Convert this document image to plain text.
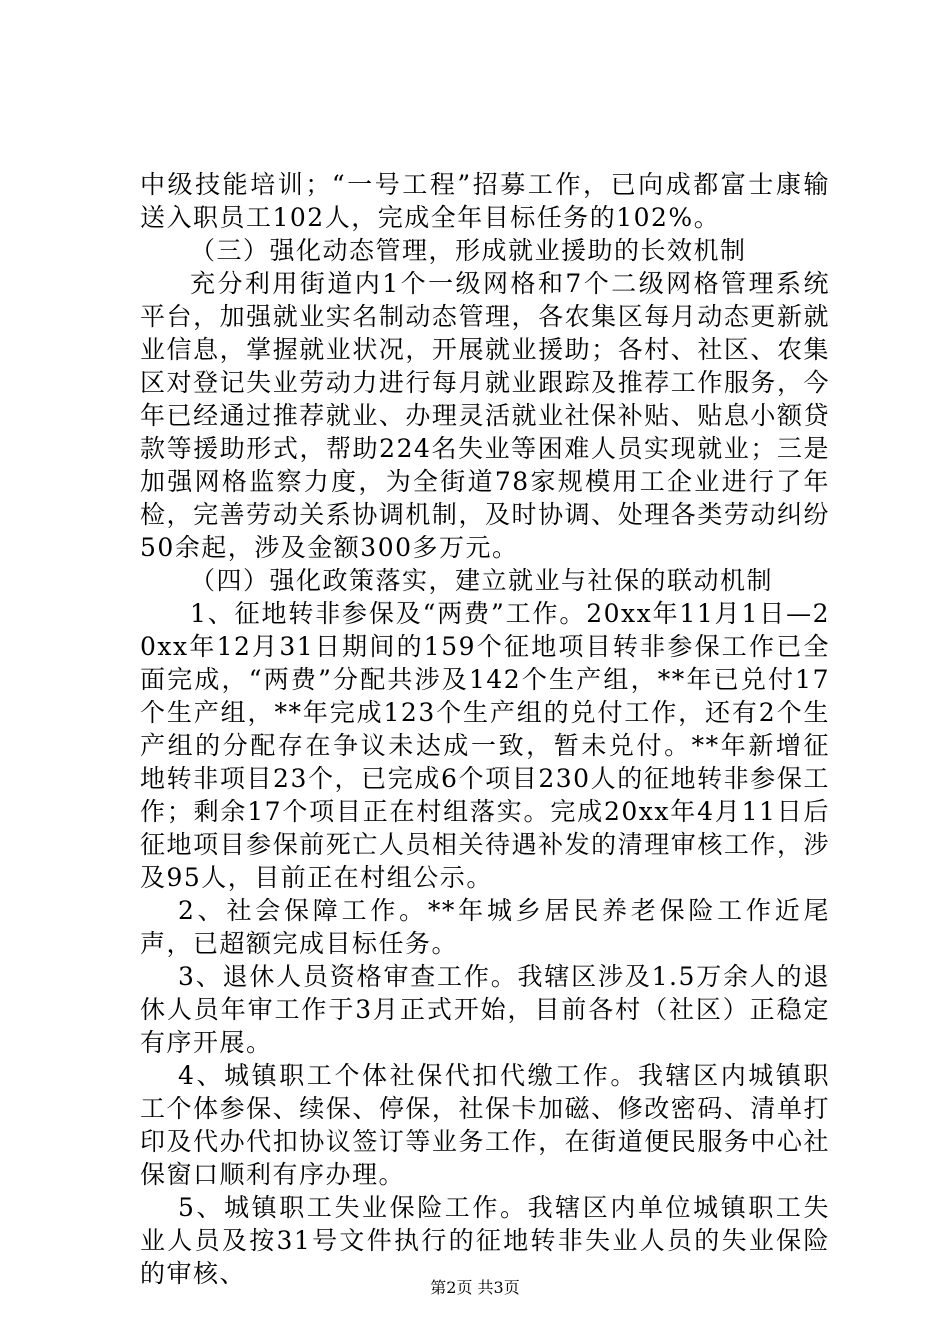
中级技能培训；“一号工程”招募工作，已向成都富士康输送入职员工102人，完成全年目标任务的102%。

（三）强化动态管理，形成就业援助的长效机制

充分利用街道内1个一级网格和7个二级网格管理系统平台，加强就业实名制动态管理，各农集区每月动态更新就业信息，掌握就业状况，开展就业援助；各村、社区、农集区对登记失业劳动力进行每月就业跟踪及推荐工作服务，今年已经通过推荐就业、办理灵活就业社保补贴、贴息小额贷款等援助形式，帮助224名失业等困难人员实现就业；三是加强网格监察力度，为全街道78家规模用工企业进行了年检，完善劳动关系协调机制，及时协调、处理各类劳动纠纷50余起，涉及金额300多万元。

（四）强化政策落实，建立就业与社保的联动机制

1、征地转非参保及“两费”工作。20xx年11月1日—20xx年12月31日期间的159个征地项目转非参保工作已全面完成，“两费”分配共涉及142个生产组，**年已兑付17个生产组，**年完成123个生产组的兑付工作，还有2个生产组的分配存在争议未达成一致，暂未兑付。**年新增征地转非项目23个，已完成6个项目230人的征地转非参保工作；剩余17个项目正在村组落实。完成20xx年4月11日后征地项目参保前死亡人员相关待遇补发的清理审核工作，涉及95人，目前正在村组公示。

2、社会保障工作。**年城乡居民养老保险工作近尾声，已超额完成目标任务。

3、退休人员资格审查工作。我辖区涉及1.5万余人的退休人员年审工作于3月正式开始，目前各村（社区）正稳定有序开展。

4、城镇职工个体社保代扣代缴工作。我辖区内城镇职工个体参保、续保、停保，社保卡加磁、修改密码、清单打印及代办代扣协议签订等业务工作，在街道便民服务中心社保窗口顺利有序办理。

5、城镇职工失业保险工作。我辖区内单位城镇职工失业人员及按31号文件执行的征地转非失业人员的失业保险的审核、	第2页 共3页
